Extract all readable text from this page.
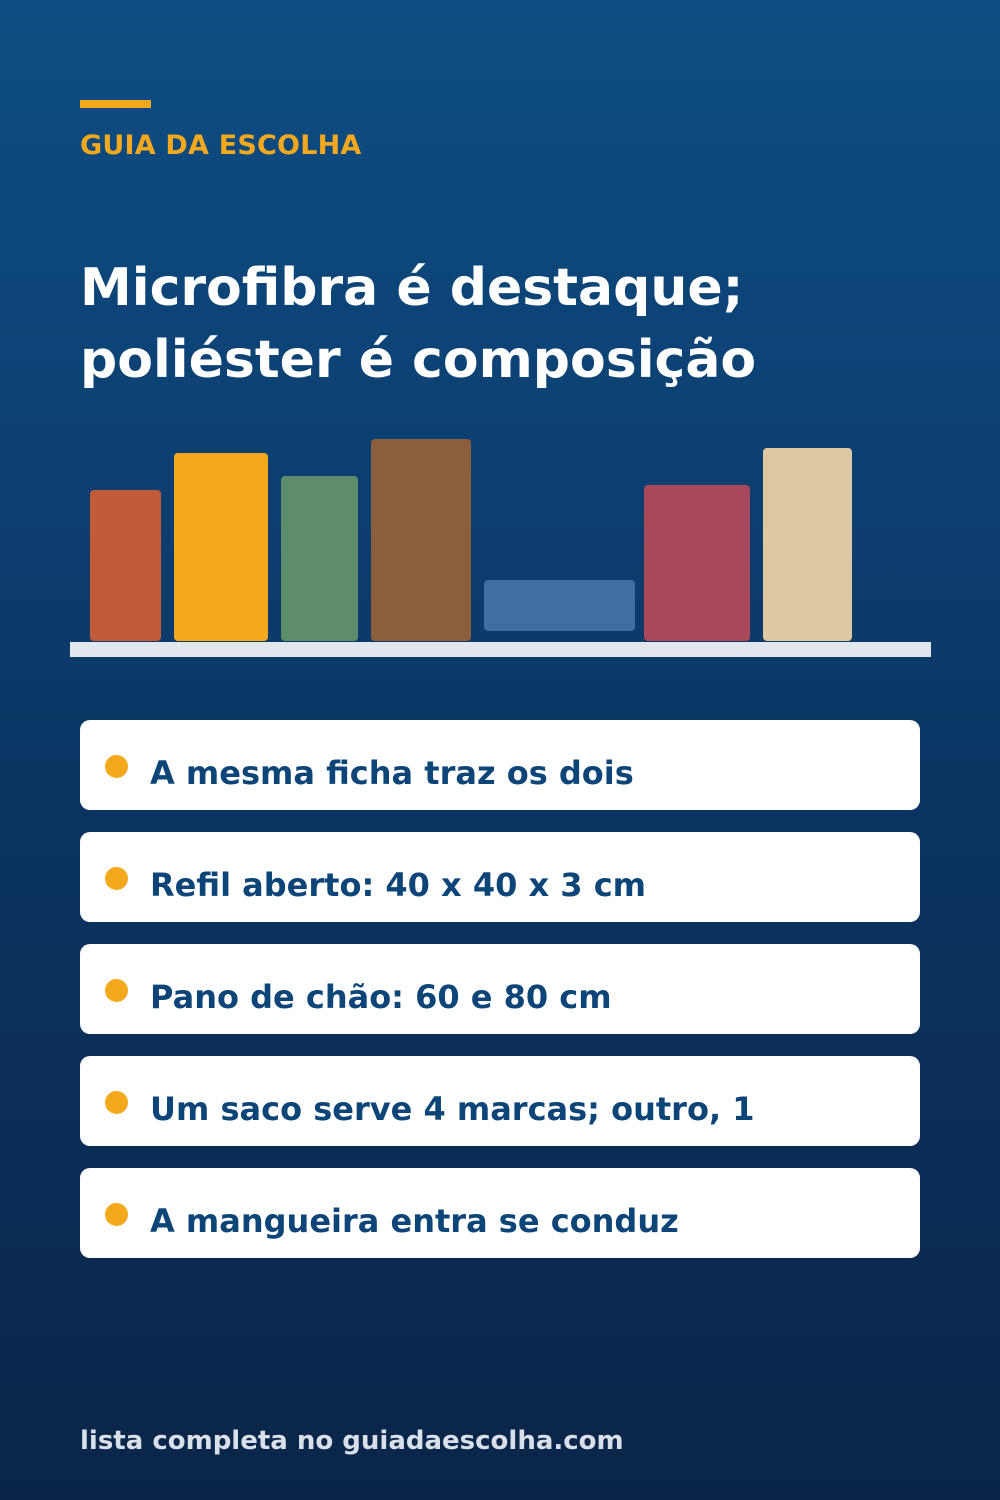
GUIA DA ESCOLHA
Microfibra é destaque;
poliéster é composição
A mesma ficha traz os dois
Refil aberto: 40 x 40 x 3 cm
Pano de chão: 60 e 80 cm
Um saco serve 4 marcas; outro, 1
A mangueira entra se conduz
lista completa no guiadaescolha.com
